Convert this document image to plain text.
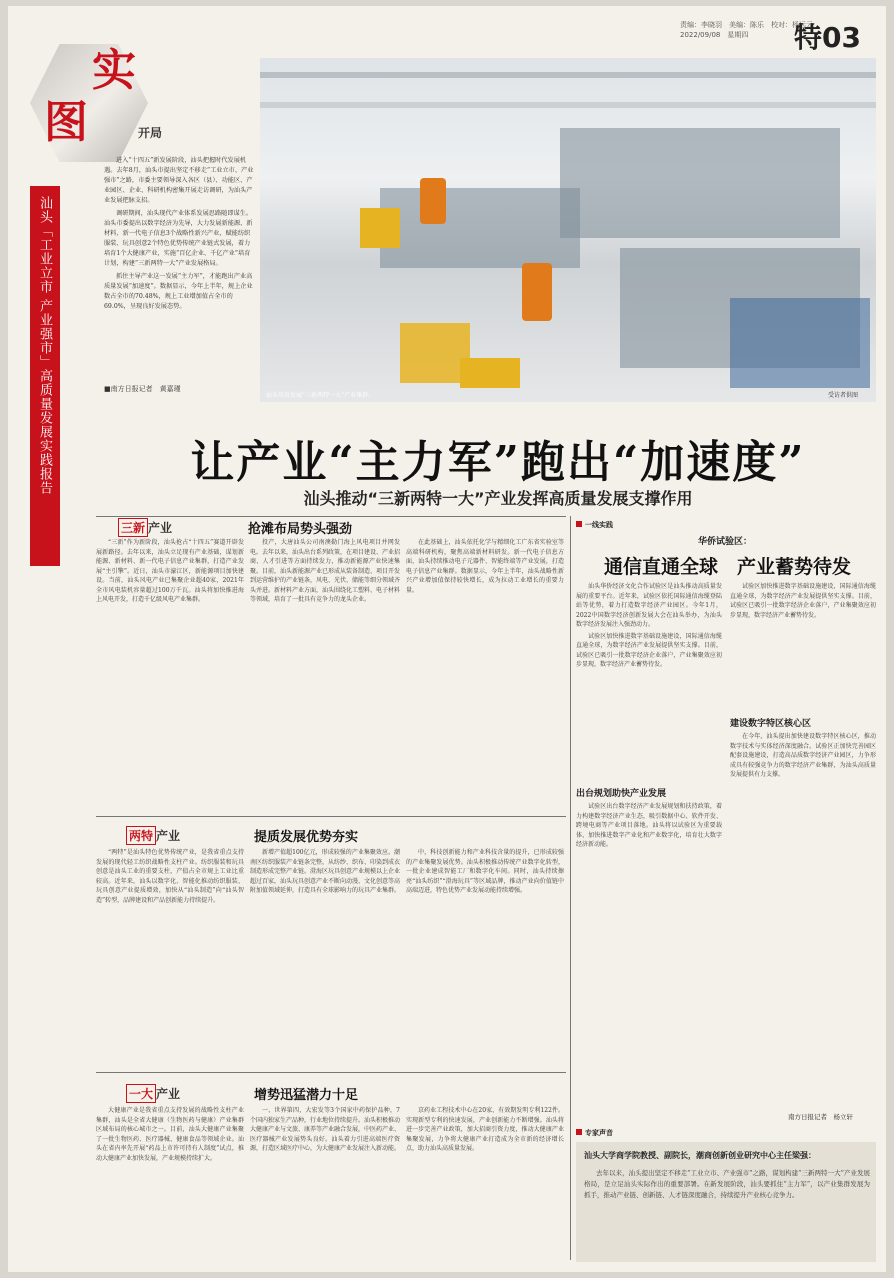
责编：李晓羽　美编：陈乐　校对：杨远云
2022/09/08　星期四	特03
实
图	开局
汕头「工业立市 产业强市」高质量发展实践报告

进入“十四五”新发展阶段，汕头把握时代发展机遇。去年8月，汕头市提出坚定不移走“工业立市、产业强市”之路，市委主要领导深入各区（县）、功能区、产业园区、企业、科研机构密集开展走访调研，为汕头产业发展把脉支招。

调研期间，汕头现代产业体系发展思路随即谋生。汕头市委提出以数字经济为先导，大力发展新能源、新材料、新一代电子信息3个战略性新兴产业，赋能纺织服装、玩具创意2个特色优势传统产业链式发展，着力培育1个大健康产业，实施“百亿企业、千亿产业”培育计划，构建“三新两特一大”产业发展格局。

抓住主导产业这一发展“主力军”，才能跑出产业高质量发展“加速度”。数据显示，今年上半年，规上企业数占全市的70.48%，规上工业增加值占全市的69.0%，呈现良好发展态势。

■南方日报记者　黄嘉瑾
汕头培育发展“三新两特一大”产业集群。	受访者供图
让产业“主力军”跑出“加速度”
汕头推动“三新两特一大”产业发挥高质量发展支撑作用
三新 产业	抢滩布局势头强劲

“三新”作为新阶段，汕头抢占“十四五”赛道开辟发展新路径。去年以来，汕头立足现有产业基础，谋划新能源、新材料、新一代电子信息产业集群，打造产业发展“主引擎”。近日，汕头市濠江区，新能源项目加快建设。当前，汕头风电产业已集聚企业超40家，2021年全市风电装机容量超过100万千瓦。汕头将加快推进海上风电开发，打造千亿级风电产业集群。

投产，大唐汕头公司南澳勒门海上风电项目并网发电。去年以来，汕头出台系列政策，在项目建设、产业招商、人才引进等方面持续发力，推动新能源产业快速集聚。目前，汕头新能源产业已形成从装备制造、项目开发到运营维护的产业链条，风电、光伏、储能等细分领域齐头并进。新材料产业方面，汕头围绕化工塑料、电子材料等领域，培育了一批具有竞争力的龙头企业。

在此基础上，汕头依托化学与精细化工广东省实验室等高端科研机构，聚焦高端新材料研发。新一代电子信息方面，汕头持续推动电子元器件、智能终端等产业发展，打造电子信息产业集群。数据显示，今年上半年，汕头战略性新兴产业增加值保持较快增长，成为拉动工业增长的重要力量。

两特 产业	提质发展优势夯实

“两特”是汕头特色优势传统产业，是我省重点支持发展的现代轻工纺织战略性支柱产业。纺织服装和玩具创意是汕头工业的重要支柱，产值占全市规上工业比重较高。近年来，汕头以数字化、智能化推动纺织服装、玩具创意产业提质增效，加快从“汕头制造”向“汕头智造”转型，品牌建设和产品创新能力持续提升。

新增产值超100亿元，形成较强的产业集聚效应。潮南区纺织服装产业链条完整，从纺纱、织布、印染到成衣制造形成完整产业链。澄海区玩具创意产业规模以上企业超过百家，汕头玩具创意产业不断向动漫、文化创意等高附加值领域延伸，打造具有全球影响力的玩具产业集群。

中，科技创新能力和产业科技含量的提升，已形成较强的产业集聚发展优势。汕头积极推动传统产业数字化转型，一批企业建成智能工厂和数字化车间。同时，汕头持续擦亮“汕头纺织”“澄海玩具”等区域品牌，推动产业向价值链中高端迈进，特色优势产业发展动能持续增强。

一大 产业	增势迅猛潜力十足

大健康产业是我省重点支持发展的战略性支柱产业集群，汕头是全省大健康（生物医药与健康）产业集群区域布局的核心城市之一。目前，汕头大健康产业集聚了一批生物医药、医疗器械、健康食品等领域企业。汕头在省内率先开展“药品上市许可持有人制度”试点，推动大健康产业加快发展，产业规模持续扩大。

一、世界第四，大宏发等3个国家中药保护品种，7个国内独家生产品种，行业地位持续提升。汕头积极推动大健康产业与文旅、康养等产业融合发展，中医药产业、医疗器械产业发展势头良好。汕头着力引进高端医疗资源，打造区域医疗中心，为大健康产业发展注入新动能。

京药业工程技术中心在20家，有效期发明专利122件。实现新型专利的快速发展，产业创新能力不断增强。汕头将进一步完善产业政策，加大招商引资力度，推动大健康产业集聚发展，力争将大健康产业打造成为全市新的经济增长点，助力汕头高质量发展。

一线实践
华侨试验区：
通信直通全球　产业蓄势待发

汕头华侨经济文化合作试验区是汕头推动高质量发展的重要平台。近年来，试验区依托国际通信海缆登陆站等优势，着力打造数字经济产业园区。今年1月，2022中国数字经济创新发展大会在汕头举办，为汕头数字经济发展注入强劲动力。

试验区加快推进数字基础设施建设，国际通信海缆直通全球，为数字经济产业发展提供坚实支撑。目前，试验区已吸引一批数字经济企业落户，产业集聚效应初步显现，数字经济产业蓄势待发。

出台规划助快产业发展

试验区出台数字经济产业发展规划和扶持政策，着力构建数字经济产业生态，吸引数据中心、软件开发、跨境电商等产业项目落地。汕头将以试验区为重要载体，加快推进数字产业化和产业数字化，培育壮大数字经济新动能。

试验区加快推进数字基础设施建设，国际通信海缆直通全球，为数字经济产业发展提供坚实支撑。目前，试验区已吸引一批数字经济企业落户，产业集聚效应初步显现，数字经济产业蓄势待发。

建设数字特区核心区

在今年，汕头提出加快建设数字特区核心区，推动数字技术与实体经济深度融合。试验区正加快完善园区配套设施建设，打造高品质数字经济产业园区，力争形成具有较强竞争力的数字经济产业集群，为汕头高质量发展提供有力支撑。

南方日报记者　杨立轩
专家声音
汕头大学商学院教授、副院长，潮商创新创业研究中心主任梁强：

去年以来，汕头提出坚定不移走“工业立市、产业强市”之路，谋划构建“三新两特一大”产业发展格局，是立足汕头实际作出的重要部署。在新发展阶段，汕头要抓住“主力军”，以产业集群发展为抓手，推动产业链、创新链、人才链深度融合，持续提升产业核心竞争力。
